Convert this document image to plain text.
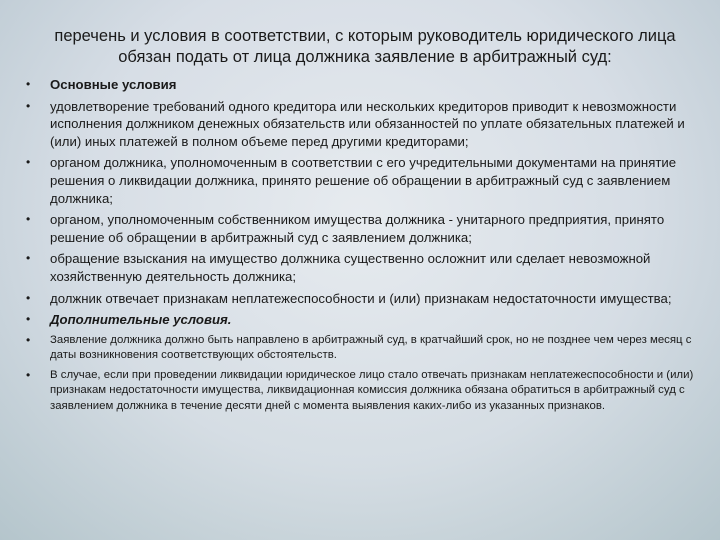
перечень и условия в соответствии, с которым руководитель юридического лица обязан подать от лица должника заявление в арбитражный суд:
• Основные условия
• удовлетворение требований одного кредитора или нескольких кредиторов приводит к невозможности исполнения должником денежных обязательств или обязанностей по уплате обязательных платежей и (или) иных платежей в полном объеме перед другими кредиторами;
• органом должника, уполномоченным в соответствии с его учредительными документами на принятие решения о ликвидации должника, принято решение об обращении в арбитражный суд с заявлением должника;
• органом, уполномоченным собственником имущества должника - унитарного предприятия, принято решение об обращении в арбитражный суд с заявлением должника;
• обращение взыскания на имущество должника существенно осложнит или сделает невозможной хозяйственную деятельность должника;
• должник отвечает признакам неплатежеспособности и (или) признакам недостаточности имущества;
• Дополнительные условия.
• Заявление должника должно быть направлено в арбитражный суд, в кратчайший срок, но не позднее чем через месяц с даты возникновения соответствующих обстоятельств.
• В случае, если при проведении ликвидации юридическое лицо стало отвечать признакам неплатежеспособности и (или) признакам недостаточности имущества, ликвидационная комиссия должника обязана обратиться в арбитражный суд с заявлением должника в течение десяти дней с момента выявления каких-либо из указанных признаков.
